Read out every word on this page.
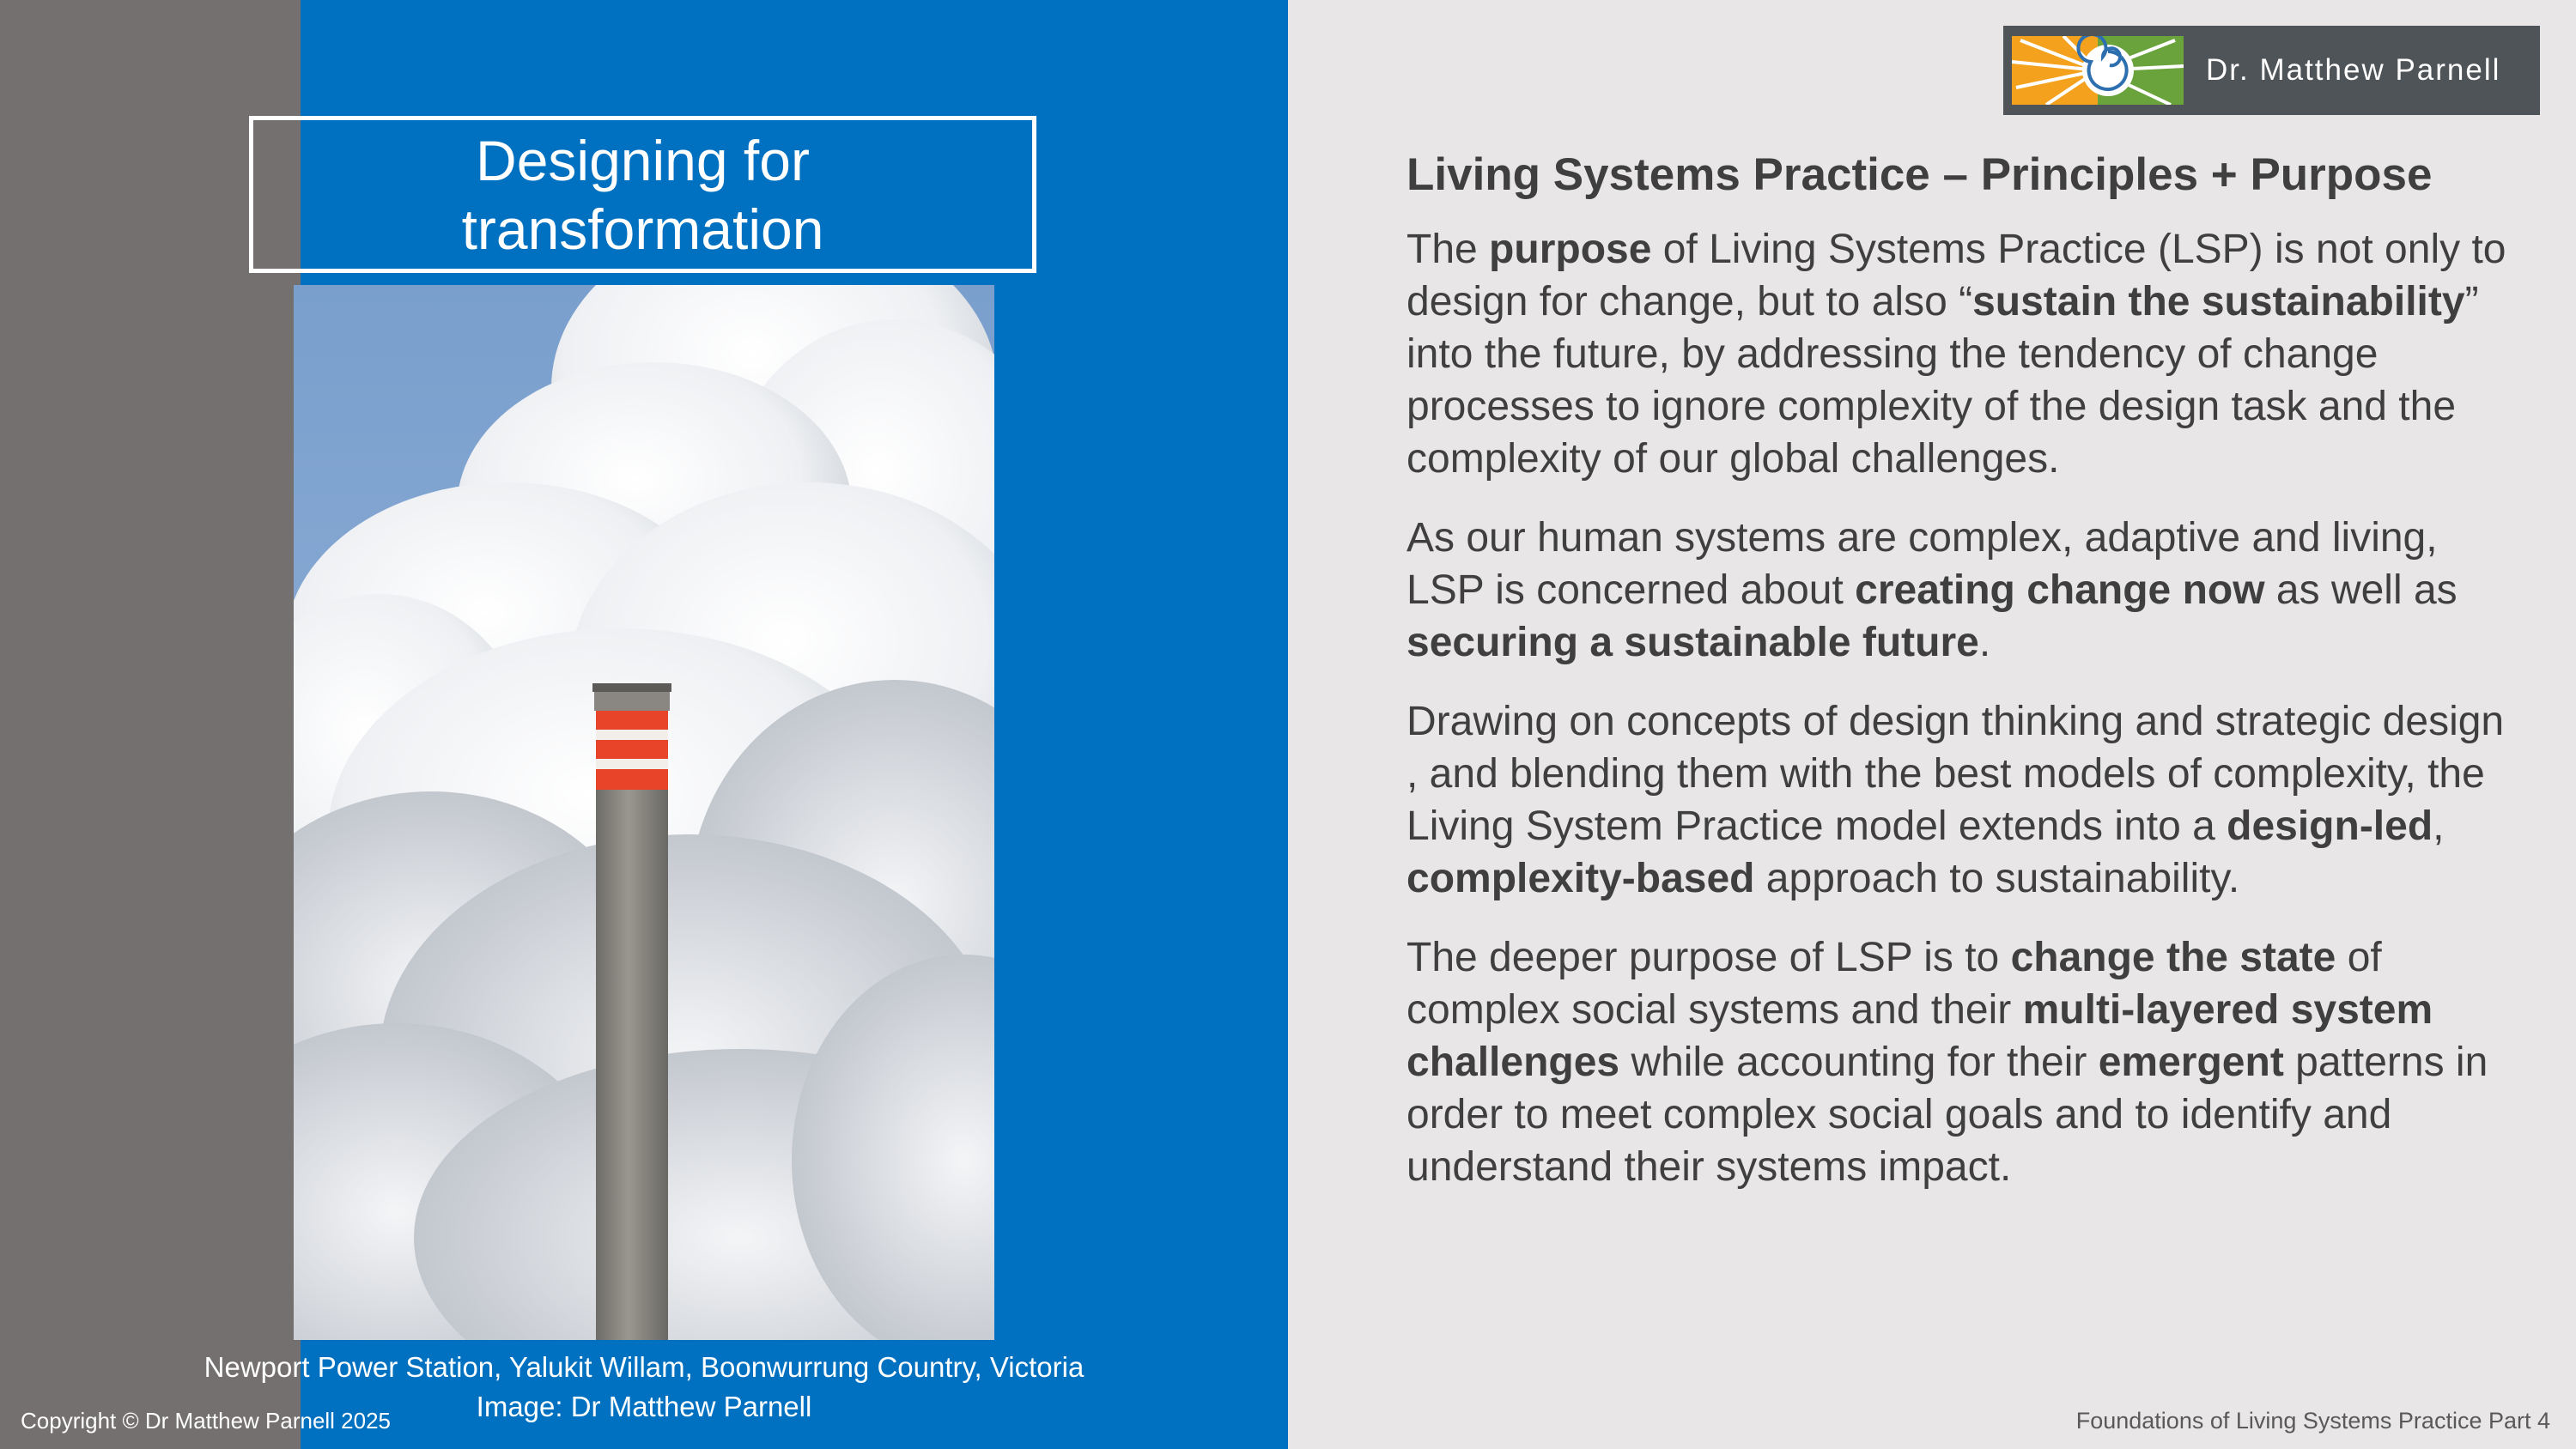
Designing for
transformation
Newport Power Station, Yalukit Willam, Boonwurrung Country, Victoria
Image: Dr Matthew Parnell
Copyright © Dr Matthew Parnell 2025
Dr. Matthew Parnell
Living Systems Practice – Principles + Purpose

The purpose of Living Systems Practice (LSP) is not only to design for change, but to also “sustain the sustainability” into the future, by addressing the tendency of change processes to ignore complexity of the design task and the complexity of our global challenges.

As our human systems are complex, adaptive and living, LSP is concerned about creating change now as well as securing a sustainable future.

Drawing on concepts of design thinking and strategic design , and blending them with the best models of complexity, the Living System Practice model extends into a design-led, complexity-based approach to sustainability.

The deeper purpose of LSP is to change the state of complex social systems and their multi-layered system challenges while accounting for their emergent patterns in order to meet complex social goals and to identify and understand their systems impact.

Foundations of Living Systems Practice Part 4
